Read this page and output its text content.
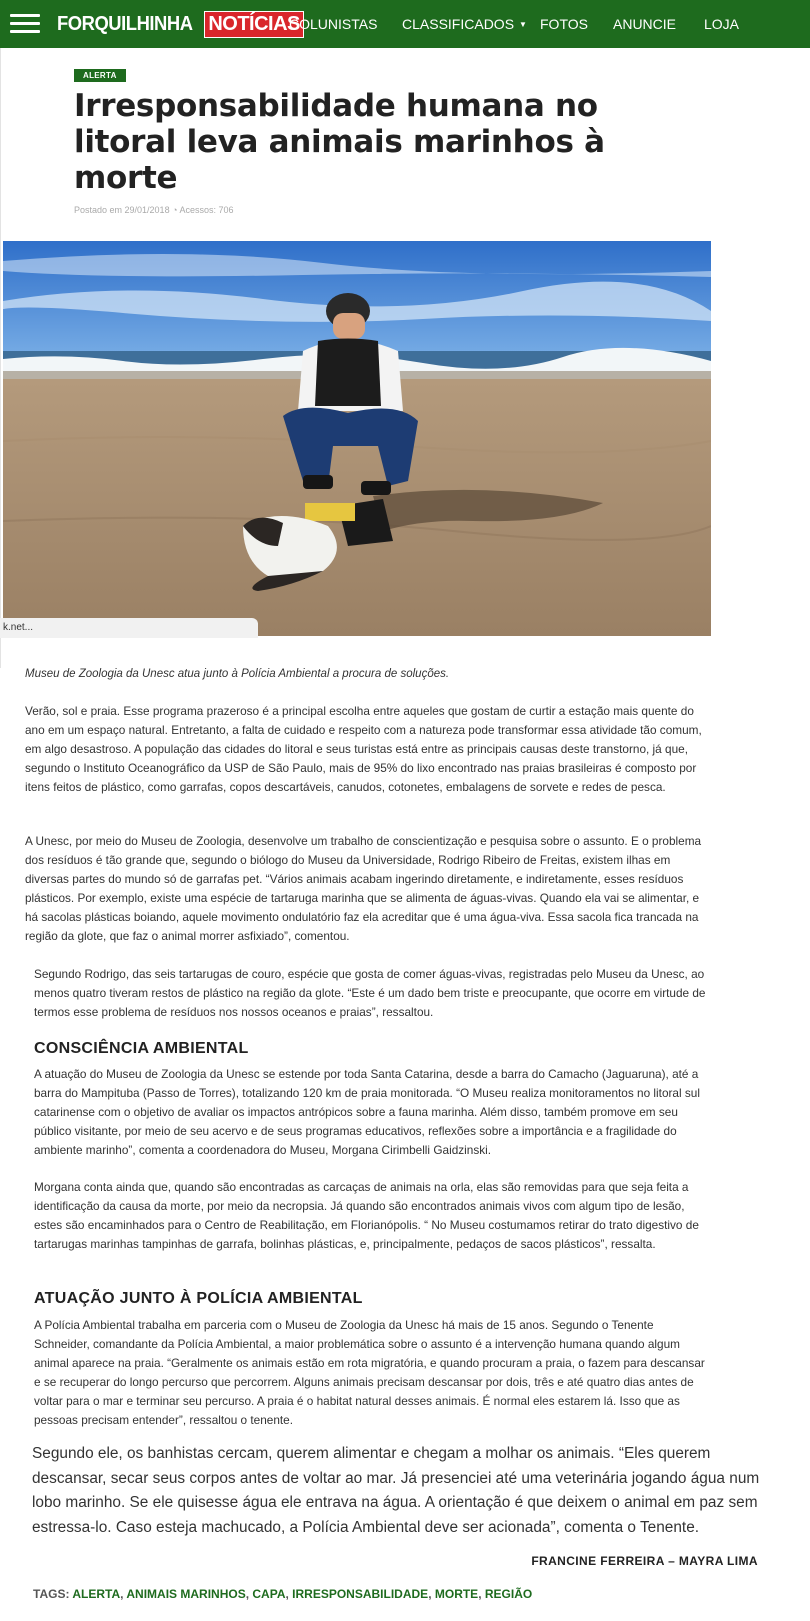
FORQUILHINHA NOTÍCIAS
COLUNISTAS CLASSIFICADOS ▼ FOTOS ANUNCIE LOJA
ALERTA
Irresponsabilidade humana no litoral leva animais marinhos à morte
Postado em 29/01/2018 ◔ Acessos: 706
k.net...

Museu de Zoologia da Unesc atua junto à Polícia Ambiental a procura de soluções.

Verão, sol e praia. Esse programa prazeroso é a principal escolha entre aqueles que gostam de curtir a estação mais quente do ano em um espaço natural. Entretanto, a falta de cuidado e respeito com a natureza pode transformar essa atividade tão comum, em algo desastroso. A população das cidades do litoral e seus turistas está entre as principais causas deste transtorno, já que, segundo o Instituto Oceanográfico da USP de São Paulo, mais de 95% do lixo encontrado nas praias brasileiras é composto por itens feitos de plástico, como garrafas, copos descartáveis, canudos, cotonetes, embalagens de sorvete e redes de pesca.

A Unesc, por meio do Museu de Zoologia, desenvolve um trabalho de conscientização e pesquisa sobre o assunto. E o problema dos resíduos é tão grande que, segundo o biólogo do Museu da Universidade, Rodrigo Ribeiro de Freitas, existem ilhas em diversas partes do mundo só de garrafas pet. “Vários animais acabam ingerindo diretamente, e indiretamente, esses resíduos plásticos. Por exemplo, existe uma espécie de tartaruga marinha que se alimenta de águas-vivas. Quando ela vai se alimentar, e há sacolas plásticas boiando, aquele movimento ondulatório faz ela acreditar que é uma água-viva. Essa sacola fica trancada na região da glote, que faz o animal morrer asfixiado”, comentou.

Segundo Rodrigo, das seis tartarugas de couro, espécie que gosta de comer águas-vivas, registradas pelo Museu da Unesc, ao menos quatro tiveram restos de plástico na região da glote. “Este é um dado bem triste e preocupante, que ocorre em virtude de termos esse problema de resíduos nos nossos oceanos e praias”, ressaltou.

CONSCIÊNCIA AMBIENTAL

A atuação do Museu de Zoologia da Unesc se estende por toda Santa Catarina, desde a barra do Camacho (Jaguaruna), até a barra do Mampituba (Passo de Torres), totalizando 120 km de praia monitorada. “O Museu realiza monitoramentos no litoral sul catarinense com o objetivo de avaliar os impactos antrópicos sobre a fauna marinha. Além disso, também promove em seu público visitante, por meio de seu acervo e de seus programas educativos, reflexões sobre a importância e a fragilidade do ambiente marinho”, comenta a coordenadora do Museu, Morgana Cirimbelli Gaidzinski.

Morgana conta ainda que, quando são encontradas as carcaças de animais na orla, elas são removidas para que seja feita a identificação da causa da morte, por meio da necropsia. Já quando são encontrados animais vivos com algum tipo de lesão, estes são encaminhados para o Centro de Reabilitação, em Florianópolis. “ No Museu costumamos retirar do trato digestivo de tartarugas marinhas tampinhas de garrafa, bolinhas plásticas, e, principalmente, pedaços de sacos plásticos”, ressalta.

ATUAÇÃO JUNTO À POLÍCIA AMBIENTAL

A Polícia Ambiental trabalha em parceria com o Museu de Zoologia da Unesc há mais de 15 anos. Segundo o Tenente Schneider, comandante da Polícia Ambiental, a maior problemática sobre o assunto é a intervenção humana quando algum animal aparece na praia. “Geralmente os animais estão em rota migratória, e quando procuram a praia, o fazem para descansar e se recuperar do longo percurso que percorrem. Alguns animais precisam descansar por dois, três e até quatro dias antes de voltar para o mar e terminar seu percurso. A praia é o habitat natural desses animais. É normal eles estarem lá. Isso que as pessoas precisam entender”, ressaltou o tenente.

Segundo ele, os banhistas cercam, querem alimentar e chegam a molhar os animais. “Eles querem descansar, secar seus corpos antes de voltar ao mar. Já presenciei até uma veterinária jogando água num lobo marinho. Se ele quisesse água ele entrava na água. A orientação é que deixem o animal em paz sem estressa-lo. Caso esteja machucado, a Polícia Ambiental deve ser acionada”, comenta o Tenente.

FRANCINE FERREIRA – MAYRA LIMA
TAGS: ALERTA, ANIMAIS MARINHOS, CAPA, IRRESPONSABILIDADE, MORTE, REGIÃO
